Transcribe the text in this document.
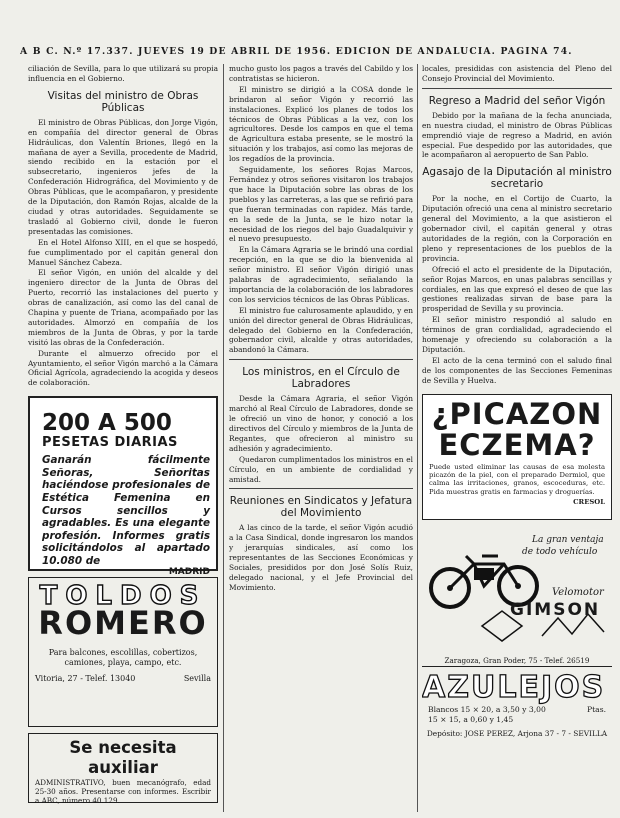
A B C. N.º 17.337. JUEVES 19 DE ABRIL DE 1956. EDICION DE ANDALUCIA. PAGINA 74.

ciliación de Sevilla, para lo que utilizará su propia influencia en el Gobierno.

Visitas del ministro de Obras Públicas

El ministro de Obras Públicas, don Jorge Vigón, en compañía del director general de Obras Hidráulicas, don Valentín Briones, llegó en la mañana de ayer a Sevilla, procedente de Madrid, siendo recibido en la estación por el subsecretario, ingenieros jefes de la Confederación Hidrográfica, del Movimiento y de Obras Públicas, que le acompañaron, y presidente de la Diputación, don Ramón Rojas, alcalde de la ciudad y otras autoridades. Seguidamente se trasladó al Gobierno civil, donde le fueron presentadas las comisiones.

En el Hotel Alfonso XIII, en el que se hospedó, fue cumplimentado por el capitán general don Manuel Sánchez Cabeza.

El señor Vigón, en unión del alcalde y del ingeniero director de la Junta de Obras del Puerto, recorrió las instalaciones del puerto y obras de canalización, así como las del canal de Chapina y puente de Triana, acompañado por las autoridades. Almorzó en compañía de los miembros de la Junta de Obras, y por la tarde visitó las obras de la Confederación.

Durante el almuerzo ofrecido por el Ayuntamiento, el señor Vigón marchó a la Cámara Oficial Agrícola, agradeciendo la acogida y deseos de colaboración.

200 A 500
PESETAS DIARIAS
Ganarán fácilmente Señoras, Señoritas haciéndose profesionales de Estética Femenina en Cursos sencillos y agradables. Es una elegante profesión. Informes gratis solicitándolos al apartado 10.080 de
MADRID
TOLDOS
ROMERO
Para balcones, escolillas, cobertizos, camiones, playa, campo, etc.
Vitoria, 27 - Telef. 13040	Sevilla
Se necesita auxiliar
ADMINISTRATIVO, buen mecanógrafo, edad 25-30 años. Presentarse con informes. Escribir a ABC, número 40.129.

mucho gusto los pagos a través del Cabildo y los contratistas se hicieron.

El ministro se dirigió a la COSA donde le brindaron al señor Vigón y recorrió las instalaciones. Explicó los planes de todos los técnicos de Obras Públicas a la vez, con los agricultores. Desde los campos en que el tema de Agricultura estaba presente, se le mostró la situación y los trabajos, así como las mejoras de los regadíos de la provincia.

Seguidamente, los señores Rojas Marcos, Fernández y otros señores visitaron los trabajos que hace la Diputación sobre las obras de los pueblos y las carreteras, a las que se refirió para que fueran terminadas con rapidez. Más tarde, en la sede de la Junta, se le hizo notar la necesidad de los riegos del bajo Guadalquivir y el nuevo presupuesto.

En la Cámara Agraria se le brindó una cordial recepción, en la que se dio la bienvenida al señor ministro. El señor Vigón dirigió unas palabras de agradecimiento, señalando la importancia de la colaboración de los labradores con los servicios técnicos de las Obras Públicas.

El ministro fue calurosamente aplaudido, y en unión del director general de Obras Hidráulicas, delegado del Gobierno en la Confederación, gobernador civil, alcalde y otras autoridades, abandonó la Cámara.

Los ministros, en el Círculo de Labradores

Desde la Cámara Agraria, el señor Vigón marchó al Real Círculo de Labradores, donde se le ofreció un vino de honor, y conoció a los directivos del Círculo y miembros de la Junta de Regantes, que ofrecieron al ministro su adhesión y agradecimiento.

Quedaron cumplimentados los ministros en el Círculo, en un ambiente de cordialidad y amistad.

Reuniones en Sindicatos y Jefatura del Movimiento

A las cinco de la tarde, el señor Vigón acudió a la Casa Sindical, donde ingresaron los mandos y jerarquías sindicales, así como los representantes de las Secciones Económicas y Sociales, presididos por don José Solís Ruiz, delegado nacional, y el Jefe Provincial del Movimiento.

locales, presididas con asistencia del Pleno del Consejo Provincial del Movimiento.

Regreso a Madrid del señor Vigón

Debido por la mañana de la fecha anunciada, en nuestra ciudad, el ministro de Obras Públicas emprendió viaje de regreso a Madrid, en avión especial. Fue despedido por las autoridades, que le acompañaron al aeropuerto de San Pablo.

Agasajo de la Diputación al ministro secretario

Por la noche, en el Cortijo de Cuarto, la Diputación ofreció una cena al ministro secretario general del Movimiento, a la que asistieron el gobernador civil, el capitán general y otras autoridades de la región, con la Corporación en pleno y representaciones de los pueblos de la provincia.

Ofreció el acto el presidente de la Diputación, señor Rojas Marcos, en unas palabras sencillas y cordiales, en las que expresó el deseo de que las gestiones realizadas sirvan de base para la prosperidad de Sevilla y su provincia.

El señor ministro respondió al saludo en términos de gran cordialidad, agradeciendo el homenaje y ofreciendo su colaboración a la Diputación.

El acto de la cena terminó con el saludo final de los componentes de las Secciones Femeninas de Sevilla y Huelva.

¿PICAZON
ECZEMA?
Puede usted eliminar las causas de esa molesta picazón de la piel, con el preparado Dermiol, que calma las irritaciones, granos, escoceduras, etc. Pida muestras gratis en farmacias y droguerías.
CRESOL
La gran ventaja
de todo vehículo
Velomotor
GIMSON
Zaragoza, Gran Poder, 75 - Telef. 26519
AZULEJOS
Blancos 15 × 20, a 3,50 y 3,00	Ptas.
15 × 15, a 0,60 y 1,45
Depósito: JOSE PEREZ, Arjona 37 - 7 - SEVILLA
